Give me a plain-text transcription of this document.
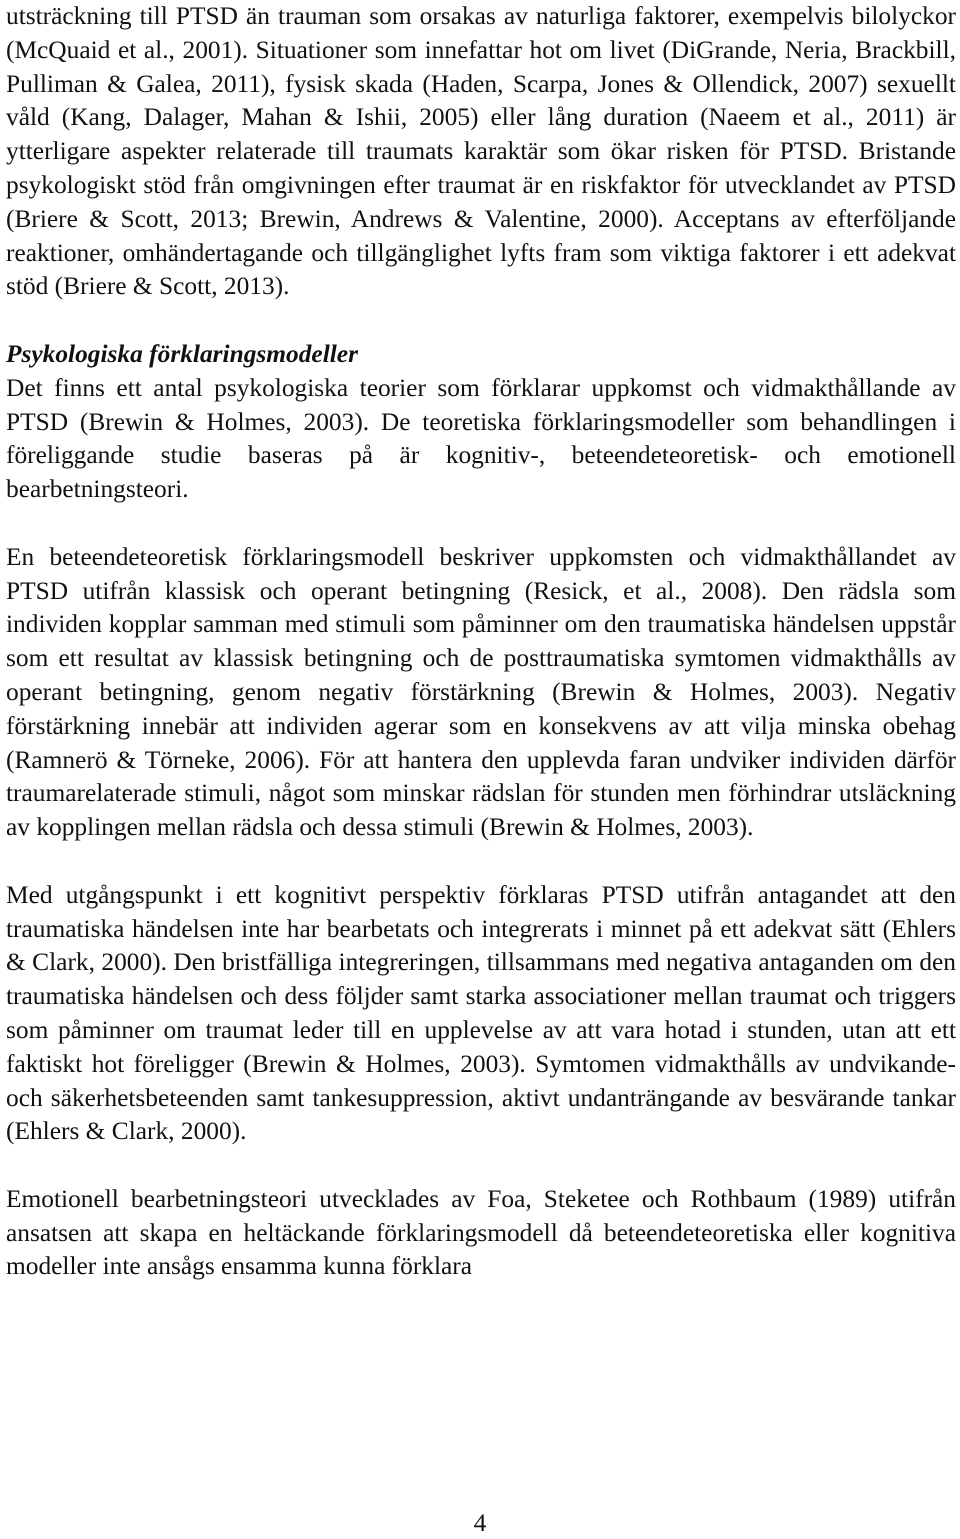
utsträckning till PTSD än trauman som orsakas av naturliga faktorer, exempelvis bilolyckor (McQuaid et al., 2001). Situationer som innefattar hot om livet (DiGrande, Neria, Brackbill, Pulliman & Galea, 2011), fysisk skada (Haden, Scarpa, Jones & Ollendick, 2007) sexuellt våld (Kang, Dalager, Mahan & Ishii, 2005) eller lång duration (Naeem et al., 2011) är ytterligare aspekter relaterade till traumats karaktär som ökar risken för PTSD. Bristande psykologiskt stöd från omgivningen efter traumat är en riskfaktor för utvecklandet av PTSD (Briere & Scott, 2013; Brewin, Andrews & Valentine, 2000). Acceptans av efterföljande reaktioner, omhändertagande och tillgänglighet lyfts fram som viktiga faktorer i ett adekvat stöd (Briere & Scott, 2013).

Psykologiska förklaringsmodeller

Det finns ett antal psykologiska teorier som förklarar uppkomst och vidmakthållande av PTSD (Brewin & Holmes, 2003). De teoretiska förklaringsmodeller som behandlingen i föreliggande studie baseras på är kognitiv-, beteendeteoretisk- och emotionell bearbetningsteori.

En beteendeteoretisk förklaringsmodell beskriver uppkomsten och vidmakthållandet av PTSD utifrån klassisk och operant betingning (Resick, et al., 2008). Den rädsla som individen kopplar samman med stimuli som påminner om den traumatiska händelsen uppstår som ett resultat av klassisk betingning och de posttraumatiska symtomen vidmakthålls av operant betingning, genom negativ förstärkning (Brewin & Holmes, 2003). Negativ förstärkning innebär att individen agerar som en konsekvens av att vilja minska obehag (Ramnerö & Törneke, 2006). För att hantera den upplevda faran undviker individen därför traumarelaterade stimuli, något som minskar rädslan för stunden men förhindrar utsläckning av kopplingen mellan rädsla och dessa stimuli (Brewin & Holmes, 2003).

Med utgångspunkt i ett kognitivt perspektiv förklaras PTSD utifrån antagandet att den traumatiska händelsen inte har bearbetats och integrerats i minnet på ett adekvat sätt (Ehlers & Clark, 2000). Den bristfälliga integreringen, tillsammans med negativa antaganden om den traumatiska händelsen och dess följder samt starka associationer mellan traumat och triggers som påminner om traumat leder till en upplevelse av att vara hotad i stunden, utan att ett faktiskt hot föreligger (Brewin & Holmes, 2003). Symtomen vidmakthålls av undvikande- och säkerhetsbeteenden samt tankesuppression, aktivt undanträngande av besvärande tankar (Ehlers & Clark, 2000).

Emotionell bearbetningsteori utvecklades av Foa, Steketee och Rothbaum (1989) utifrån ansatsen att skapa en heltäckande förklaringsmodell då beteendeteoretiska eller kognitiva modeller inte ansågs ensamma kunna förklara

4
